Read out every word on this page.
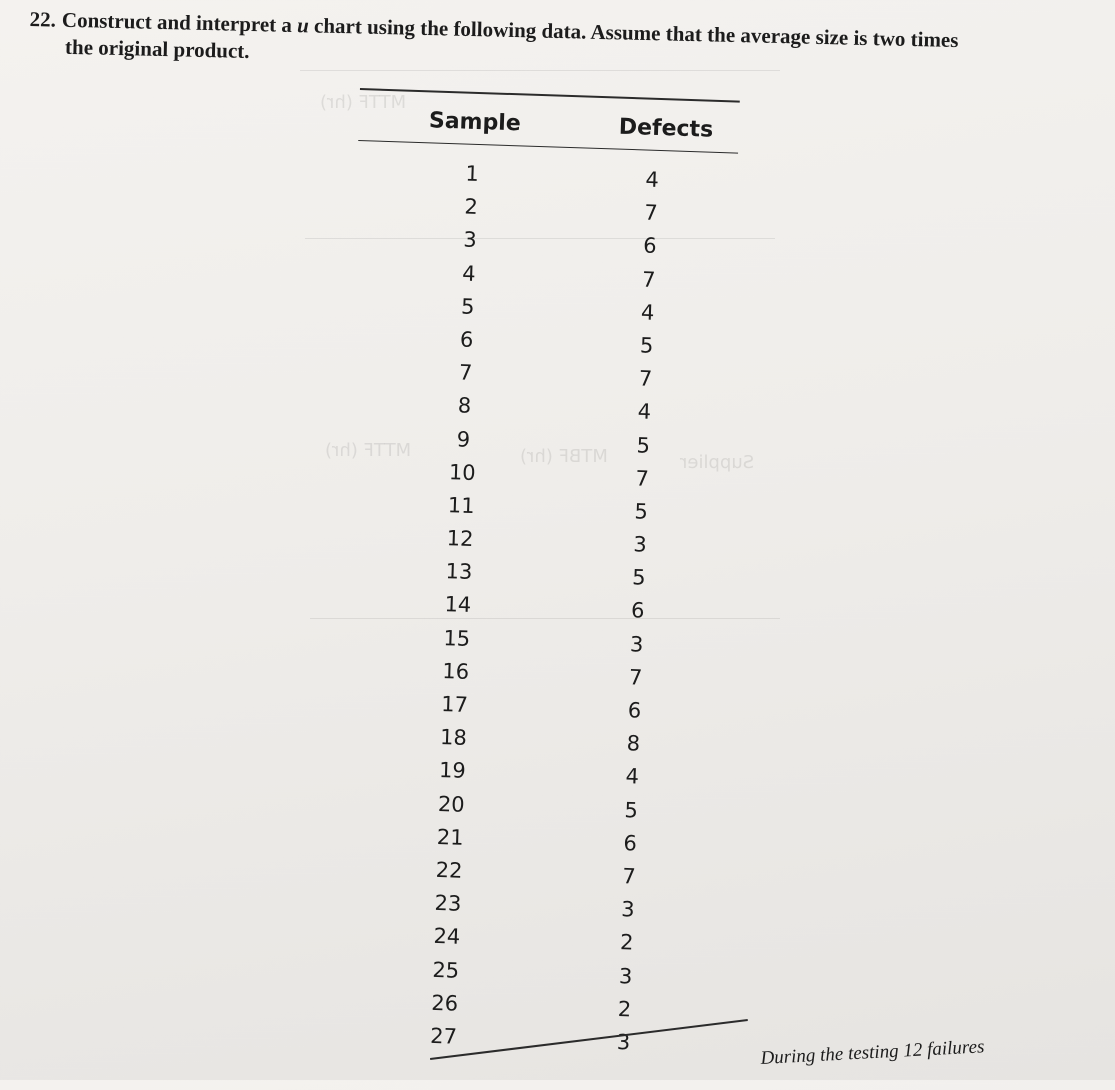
MTTF (hr)
MTTF (hr)	MTBF (hr)	Supplier
22. Construct and interpret a u chart using the following data. Assume that the average size is two times
the original product.
Sample	Defects
1	4
2	7
3	6
4	7
5	4
6	5
7	7
8	4
9	5
10	7
11	5
12	3
13	5
14	6
15	3
16	7
17	6
18	8
19	4
20	5
21	6
22	7
23	3
24	2
25	3
26	2
27	3	During the testing 12 failures
